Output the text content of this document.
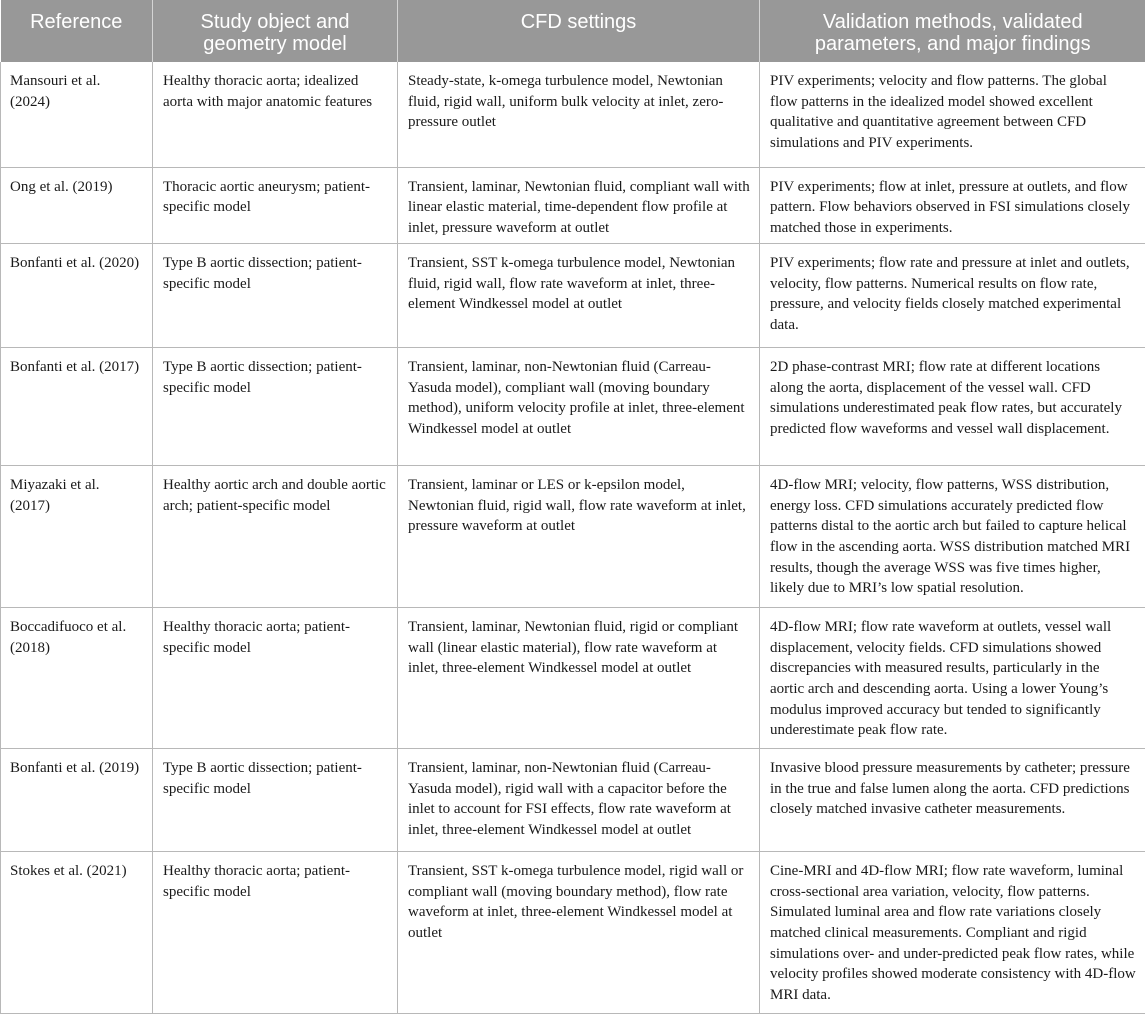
Reference	Study object and geometry model	CFD settings	Validation methods, validated parameters, and major findings
Mansouri et al. (2024)	Healthy thoracic aorta; idealized aorta with major anatomic features	Steady-state, k-omega turbulence model, Newtonian fluid, rigid wall, uniform bulk velocity at inlet, zero-pressure outlet	PIV experiments; velocity and flow patterns. The global flow patterns in the idealized model showed excellent qualitative and quantitative agreement between CFD simulations and PIV experiments.
Ong et al. (2019)	Thoracic aortic aneurysm; patient-specific model	Transient, laminar, Newtonian fluid, compliant wall with linear elastic material, time-dependent flow profile at inlet, pressure waveform at outlet	PIV experiments; flow at inlet, pressure at outlets, and flow pattern. Flow behaviors observed in FSI simulations closely matched those in experiments.
Bonfanti et al. (2020)	Type B aortic dissection; patient-specific model	Transient, SST k-omega turbulence model, Newtonian fluid, rigid wall, flow rate waveform at inlet, three-element Windkessel model at outlet	PIV experiments; flow rate and pressure at inlet and outlets, velocity, flow patterns. Numerical results on flow rate, pressure, and velocity fields closely matched experimental data.
Bonfanti et al. (2017)	Type B aortic dissection; patient-specific model	Transient, laminar, non-Newtonian fluid (Carreau-Yasuda model), compliant wall (moving boundary method), uniform velocity profile at inlet, three-element Windkessel model at outlet	2D phase-contrast MRI; flow rate at different locations along the aorta, displacement of the vessel wall. CFD simulations underestimated peak flow rates, but accurately predicted flow waveforms and vessel wall displacement.
Miyazaki et al. (2017)	Healthy aortic arch and double aortic arch; patient-specific model	Transient, laminar or LES or k-epsilon model, Newtonian fluid, rigid wall, flow rate waveform at inlet, pressure waveform at outlet	4D-flow MRI; velocity, flow patterns, WSS distribution, energy loss. CFD simulations accurately predicted flow patterns distal to the aortic arch but failed to capture helical flow in the ascending aorta. WSS distribution matched MRI results, though the average WSS was five times higher, likely due to MRI’s low spatial resolution.
Boccadifuoco et al. (2018)	Healthy thoracic aorta; patient-specific model	Transient, laminar, Newtonian fluid, rigid or compliant wall (linear elastic material), flow rate waveform at inlet, three-element Windkessel model at outlet	4D-flow MRI; flow rate waveform at outlets, vessel wall displacement, velocity fields. CFD simulations showed discrepancies with measured results, particularly in the aortic arch and descending aorta. Using a lower Young’s modulus improved accuracy but tended to significantly underestimate peak flow rate.
Bonfanti et al. (2019)	Type B aortic dissection; patient-specific model	Transient, laminar, non-Newtonian fluid (Carreau-Yasuda model), rigid wall with a capacitor before the inlet to account for FSI effects, flow rate waveform at inlet, three-element Windkessel model at outlet	Invasive blood pressure measurements by catheter; pressure in the true and false lumen along the aorta. CFD predictions closely matched invasive catheter measurements.
Stokes et al. (2021)	Healthy thoracic aorta; patient-specific model	Transient, SST k-omega turbulence model, rigid wall or compliant wall (moving boundary method), flow rate waveform at inlet, three-element Windkessel model at outlet	Cine-MRI and 4D-flow MRI; flow rate waveform, luminal cross-sectional area variation, velocity, flow patterns. Simulated luminal area and flow rate variations closely matched clinical measurements. Compliant and rigid simulations over- and under-predicted peak flow rates, while velocity profiles showed moderate consistency with 4D-flow MRI data.
